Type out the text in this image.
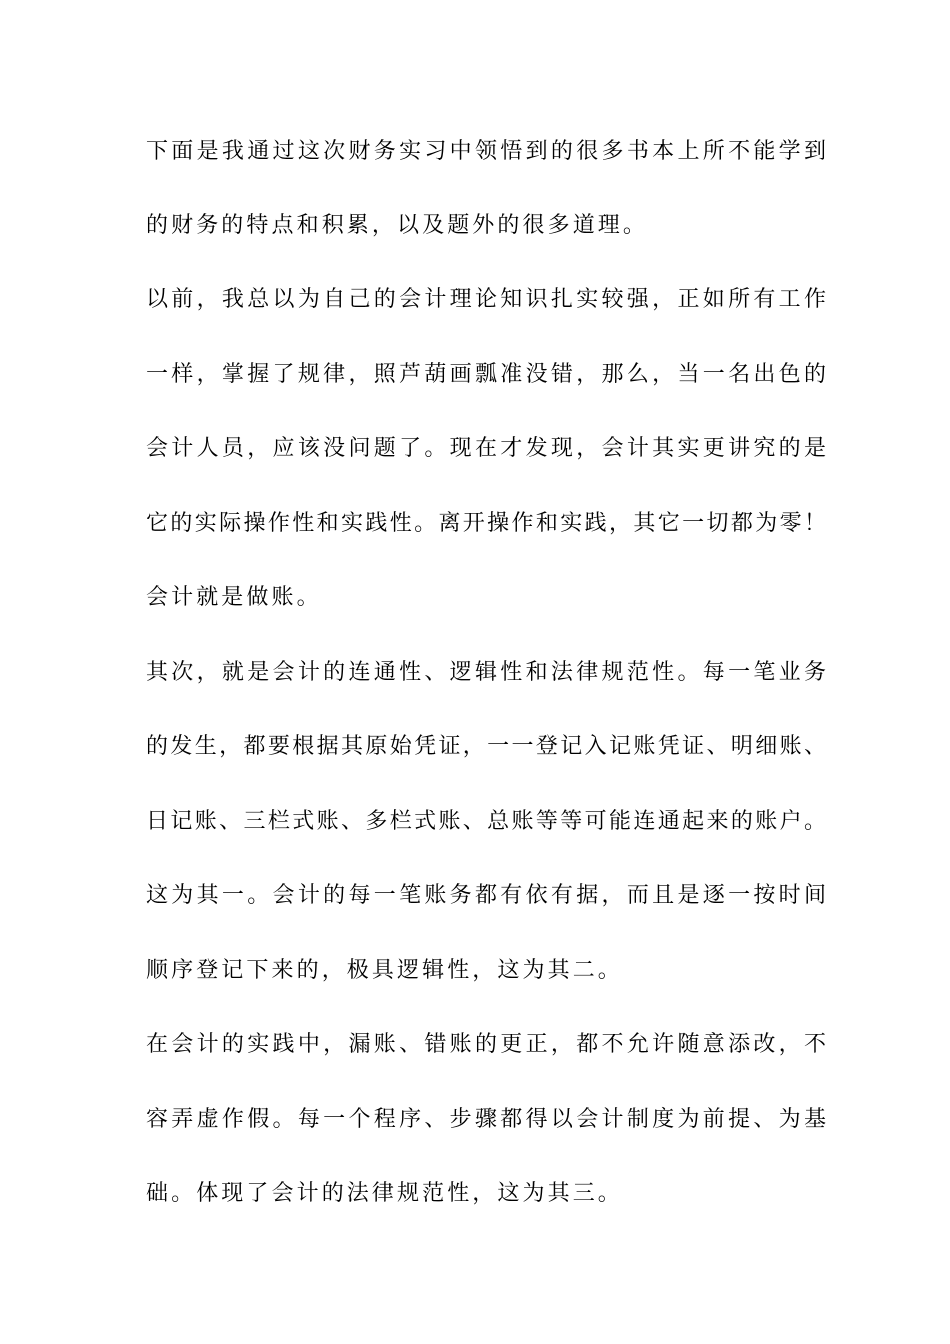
下面是我通过这次财务实习中领悟到的很多书本上所不能学到
的财务的特点和积累，以及题外的很多道理。
以前，我总以为自己的会计理论知识扎实较强，正如所有工作
一样，掌握了规律，照芦葫画瓢准没错，那么，当一名出色的
会计人员，应该没问题了。现在才发现，会计其实更讲究的是
它的实际操作性和实践性。离开操作和实践，其它一切都为零！
会计就是做账。
其次，就是会计的连通性、逻辑性和法律规范性。每一笔业务
的发生，都要根据其原始凭证，一一登记入记账凭证、明细账、
日记账、三栏式账、多栏式账、总账等等可能连通起来的账户。
这为其一。会计的每一笔账务都有依有据，而且是逐一按时间
顺序登记下来的，极具逻辑性，这为其二。
在会计的实践中，漏账、错账的更正，都不允许随意添改，不
容弄虚作假。每一个程序、步骤都得以会计制度为前提、为基
础。体现了会计的法律规范性，这为其三。
